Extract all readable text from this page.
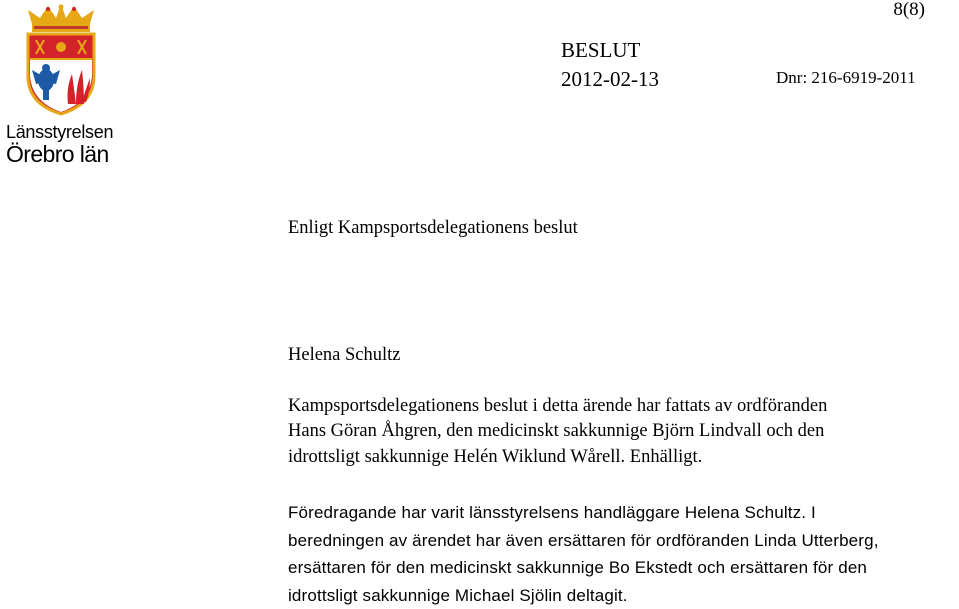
Länsstyrelsen
Örebro län
8(8)
BESLUT
2012-02-13	Dnr: 216-6919-2011
Enligt Kampsportsdelegationens beslut
Helena Schultz
Kampsportsdelegationens beslut i detta ärende har fattats av ordföranden
Hans Göran Åhgren, den medicinskt sakkunnige Björn Lindvall och den
idrottsligt sakkunnige Helén Wiklund Wårell. Enhälligt.
Föredragande har varit länsstyrelsens handläggare Helena Schultz. I
beredningen av ärendet har även ersättaren för ordföranden Linda Utterberg,
ersättaren för den medicinskt sakkunnige Bo Ekstedt och ersättaren för den
idrottsligt sakkunnige Michael Sjölin deltagit.
